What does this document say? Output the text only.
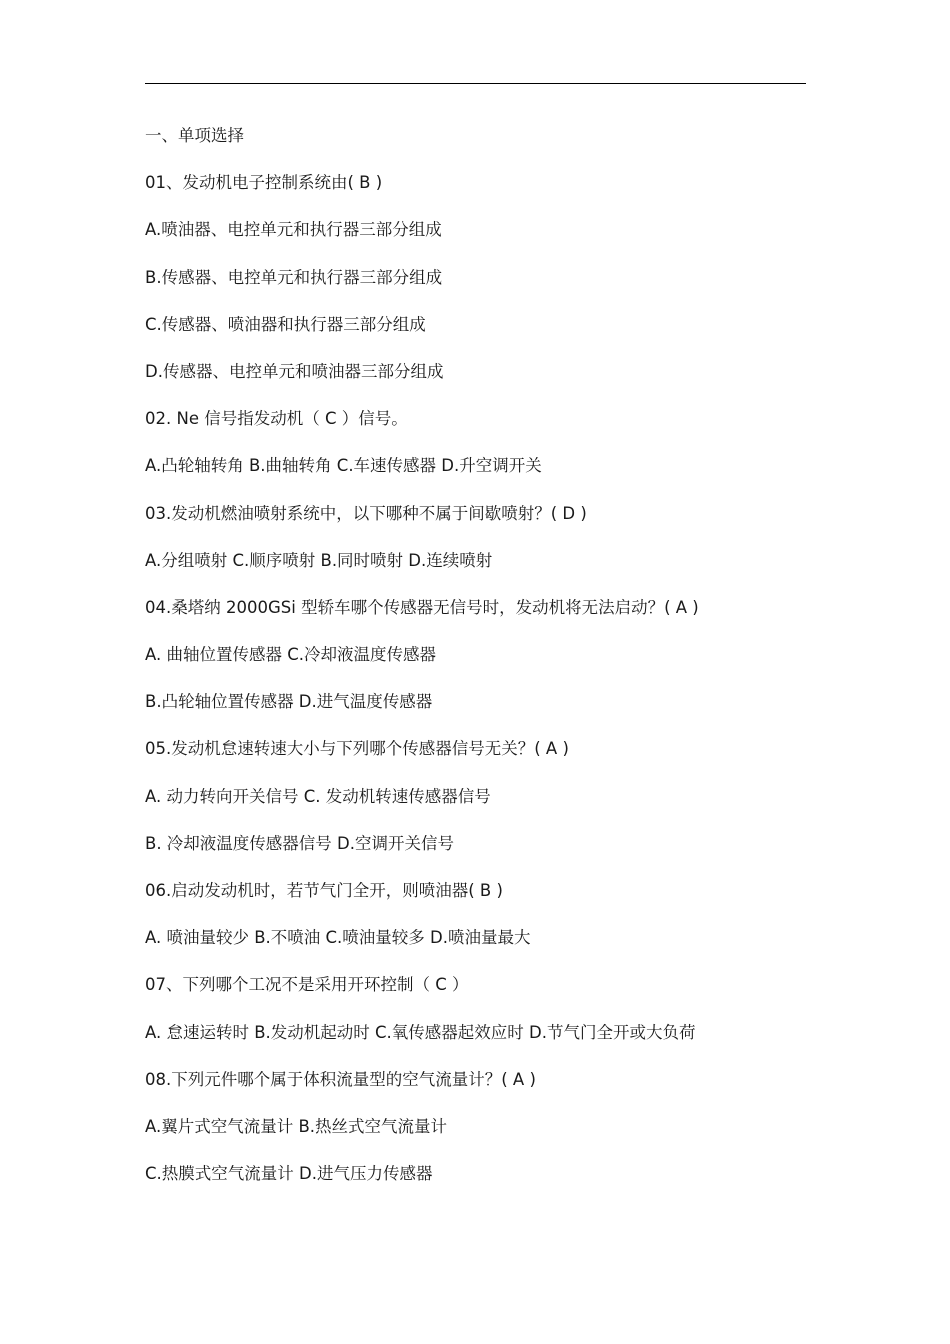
一、单项选择
01、发动机电子控制系统由( B )
A.喷油器、电控单元和执行器三部分组成
B.传感器、电控单元和执行器三部分组成
C.传感器、喷油器和执行器三部分组成
D.传感器、电控单元和喷油器三部分组成
02. Ne 信号指发动机（ C ）信号。
A.凸轮轴转角 B.曲轴转角 C.车速传感器 D.升空调开关
03.发动机燃油喷射系统中，以下哪种不属于间歇喷射？( D )
A.分组喷射 C.顺序喷射 B.同时喷射 D.连续喷射
04.桑塔纳 2000GSi 型轿车哪个传感器无信号时，发动机将无法启动？( A )
A. 曲轴位置传感器 C.冷却液温度传感器
B.凸轮轴位置传感器 D.进气温度传感器
05.发动机怠速转速大小与下列哪个传感器信号无关？( A )
A. 动力转向开关信号 C. 发动机转速传感器信号
B. 冷却液温度传感器信号 D.空调开关信号
06.启动发动机时，若节气门全开，则喷油器( B )
A. 喷油量较少 B.不喷油 C.喷油量较多 D.喷油量最大
07、下列哪个工况不是采用开环控制（ C ）
A. 怠速运转时 B.发动机起动时 C.氧传感器起效应时 D.节气门全开或大负荷
08.下列元件哪个属于体积流量型的空气流量计？( A )
A.翼片式空气流量计 B.热丝式空气流量计
C.热膜式空气流量计 D.进气压力传感器
